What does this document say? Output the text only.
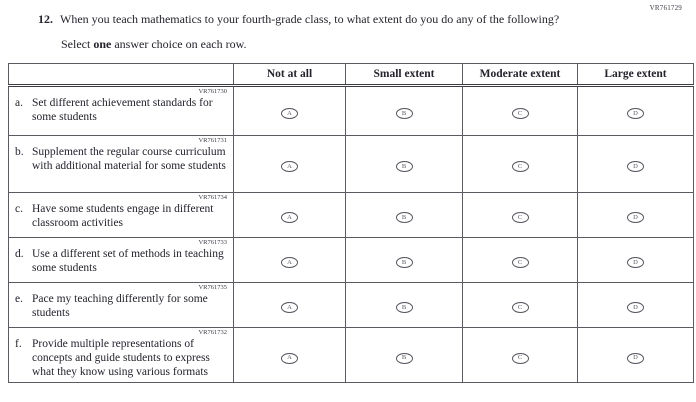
VR761729
12. When you teach mathematics to your fourth-grade class, to what extent do you do any of the following?
Select one answer choice on each row.
	Not at all	Small extent	Moderate extent	Large extent

VR761730
a. Set different achievement standards for some students	A	B	C	D

VR761731
b. Supplement the regular course curriculum with additional material for some students	A	B	C	D

VR761734
c. Have some students engage in different classroom activities	A	B	C	D

VR761733
d. Use a different set of methods in teaching some students	A	B	C	D

VR761735
e. Pace my teaching differently for some students	A	B	C	D

VR761732
f. Provide multiple representations of concepts and guide students to express what they know using various formats	A	B	C	D
